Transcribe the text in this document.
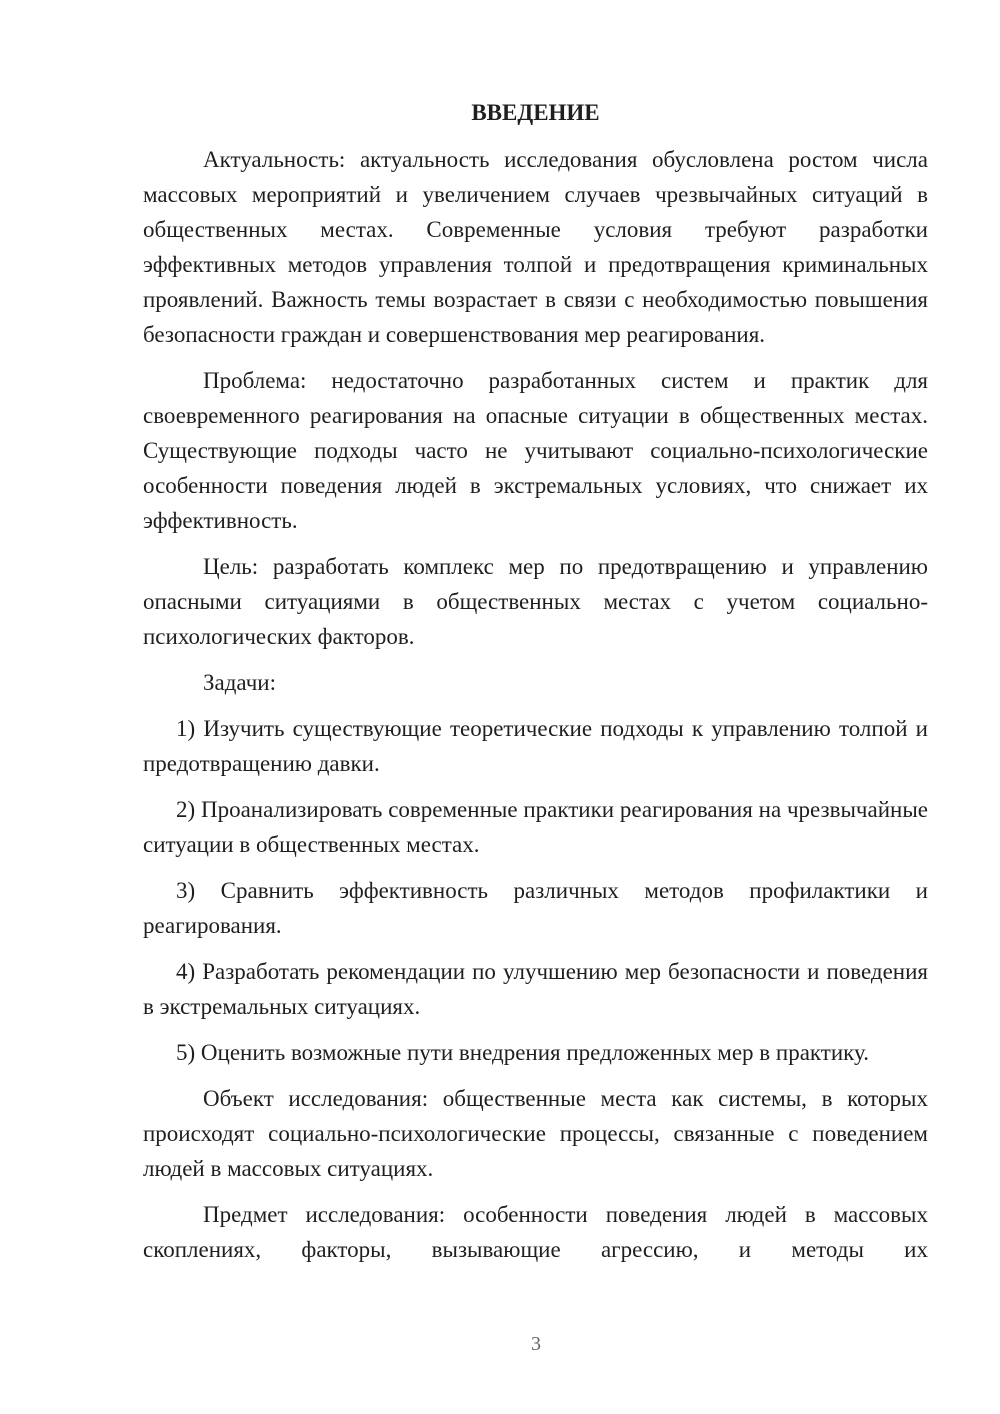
ВВЕДЕНИЕ

Актуальность: актуальность исследования обусловлена ростом числа массовых мероприятий и увеличением случаев чрезвычайных ситуаций в общественных местах. Современные условия требуют разработки эффективных методов управления толпой и предотвращения криминальных проявлений. Важность темы возрастает в связи с необходимостью повышения безопасности граждан и совершенствования мер реагирования.

Проблема: недостаточно разработанных систем и практик для своевременного реагирования на опасные ситуации в общественных местах. Существующие подходы часто не учитывают социально-психологические особенности поведения людей в экстремальных условиях, что снижает их эффективность.

Цель: разработать комплекс мер по предотвращению и управлению опасными ситуациями в общественных местах с учетом социально-психологических факторов.

Задачи:

1) Изучить существующие теоретические подходы к управлению толпой и предотвращению давки.

2) Проанализировать современные практики реагирования на чрезвычайные ситуации в общественных местах.

3) Сравнить эффективность различных методов профилактики и реагирования.

4) Разработать рекомендации по улучшению мер безопасности и поведения в экстремальных ситуациях.

5) Оценить возможные пути внедрения предложенных мер в практику.

Объект исследования: общественные места как системы, в которых происходят социально-психологические процессы, связанные с поведением людей в массовых ситуациях.

Предмет исследования: особенности поведения людей в массовых скоплениях, факторы, вызывающие агрессию, и методы их

3
